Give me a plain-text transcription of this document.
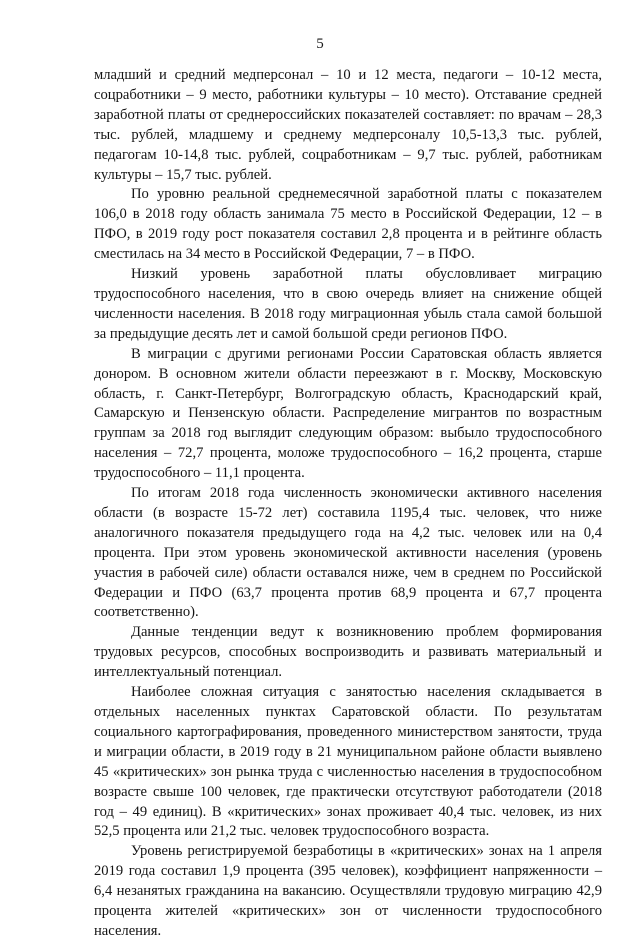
5

младший и средний медперсонал – 10 и 12 места, педагоги – 10-12 места, соцработники – 9 место, работники культуры – 10 место). Отставание средней заработной платы от среднероссийских показателей составляет: по врачам – 28,3 тыс. рублей, младшему и среднему медперсоналу 10,5-13,3 тыс. рублей, педагогам 10-14,8 тыс. рублей, соцработникам – 9,7 тыс. рублей, работникам культуры – 15,7 тыс. рублей.

По уровню реальной среднемесячной заработной платы с показателем 106,0 в 2018 году область занимала 75 место в Российской Федерации, 12 – в ПФО, в 2019 году рост показателя составил 2,8 процента и в рейтинге область сместилась на 34 место в Российской Федерации, 7 – в ПФО.

Низкий уровень заработной платы обусловливает миграцию трудоспособного населения, что в свою очередь влияет на снижение общей численности населения. В 2018 году миграционная убыль стала самой большой за предыдущие десять лет и самой большой среди регионов ПФО.

В миграции с другими регионами России Саратовская область является донором. В основном жители области переезжают в г. Москву, Московскую область, г. Санкт-Петербург, Волгоградскую область, Краснодарский край, Самарскую и Пензенскую области. Распределение мигрантов по возрастным группам за 2018 год выглядит следующим образом: выбыло трудоспособного населения – 72,7 процента, моложе трудоспособного – 16,2 процента, старше трудоспособного – 11,1 процента.

По итогам 2018 года численность экономически активного населения области (в возрасте 15-72 лет) составила 1195,4 тыс. человек, что ниже аналогичного показателя предыдущего года на 4,2 тыс. человек или на 0,4 процента. При этом уровень экономической активности населения (уровень участия в рабочей силе) области оставался ниже, чем в среднем по Российской Федерации и ПФО (63,7 процента против 68,9 процента и 67,7 процента соответственно).

Данные тенденции ведут к возникновению проблем формирования трудовых ресурсов, способных воспроизводить и развивать материальный и интеллектуальный потенциал.

Наиболее сложная ситуация с занятостью населения складывается в отдельных населенных пунктах Саратовской области. По результатам социального картографирования, проведенного министерством занятости, труда и миграции области, в 2019 году в 21 муниципальном районе области выявлено 45 «критических» зон рынка труда с численностью населения в трудоспособном возрасте свыше 100 человек, где практически отсутствуют работодатели (2018 год – 49 единиц). В «критических» зонах проживает 40,4 тыс. человек, из них 52,5 процента или 21,2 тыс. человек трудоспособного возраста.

Уровень регистрируемой безработицы в «критических» зонах на 1 апреля 2019 года составил 1,9 процента (395 человек), коэффициент напряженности – 6,4 незанятых гражданина на вакансию. Осуществляли трудовую миграцию 42,9 процента жителей «критических» зон от численности трудоспособного населения.
